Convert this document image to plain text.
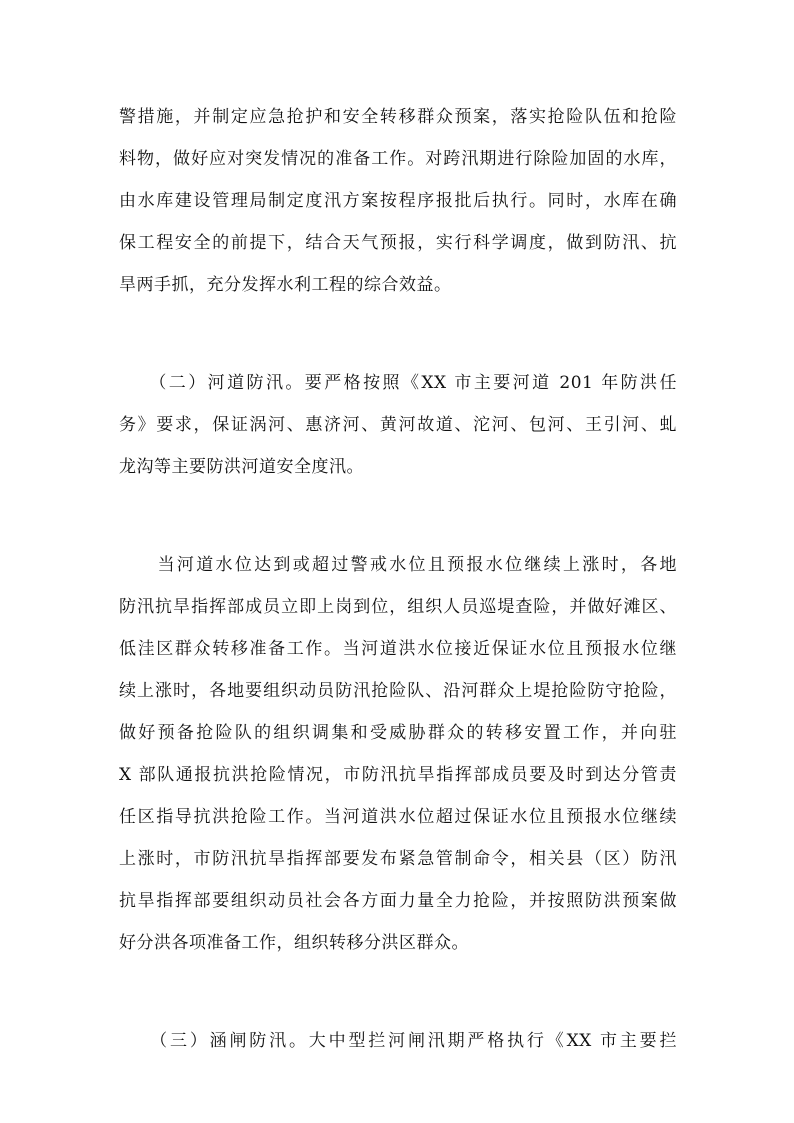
警措施，并制定应急抢护和安全转移群众预案，落实抢险队伍和抢险
料物，做好应对突发情况的准备工作。对跨汛期进行除险加固的水库，
由水库建设管理局制定度汛方案按程序报批后执行。同时，水库在确
保工程安全的前提下，结合天气预报，实行科学调度，做到防汛、抗
旱两手抓，充分发挥水利工程的综合效益。
　　（二）河道防汛。要严格按照《XX 市主要河道 201 年防洪任
务》要求，保证涡河、惠济河、黄河故道、沱河、包河、王引河、虬
龙沟等主要防洪河道安全度汛。
　　当河道水位达到或超过警戒水位且预报水位继续上涨时，各地
防汛抗旱指挥部成员立即上岗到位，组织人员巡堤查险，并做好滩区、
低洼区群众转移准备工作。当河道洪水位接近保证水位且预报水位继
续上涨时，各地要组织动员防汛抢险队、沿河群众上堤抢险防守抢险，
做好预备抢险队的组织调集和受威胁群众的转移安置工作，并向驻
X 部队通报抗洪抢险情况，市防汛抗旱指挥部成员要及时到达分管责
任区指导抗洪抢险工作。当河道洪水位超过保证水位且预报水位继续
上涨时，市防汛抗旱指挥部要发布紧急管制命令，相关县（区）防汛
抗旱指挥部要组织动员社会各方面力量全力抢险，并按照防洪预案做
好分洪各项准备工作，组织转移分洪区群众。
　　（三）涵闸防汛。大中型拦河闸汛期严格执行《XX 市主要拦
